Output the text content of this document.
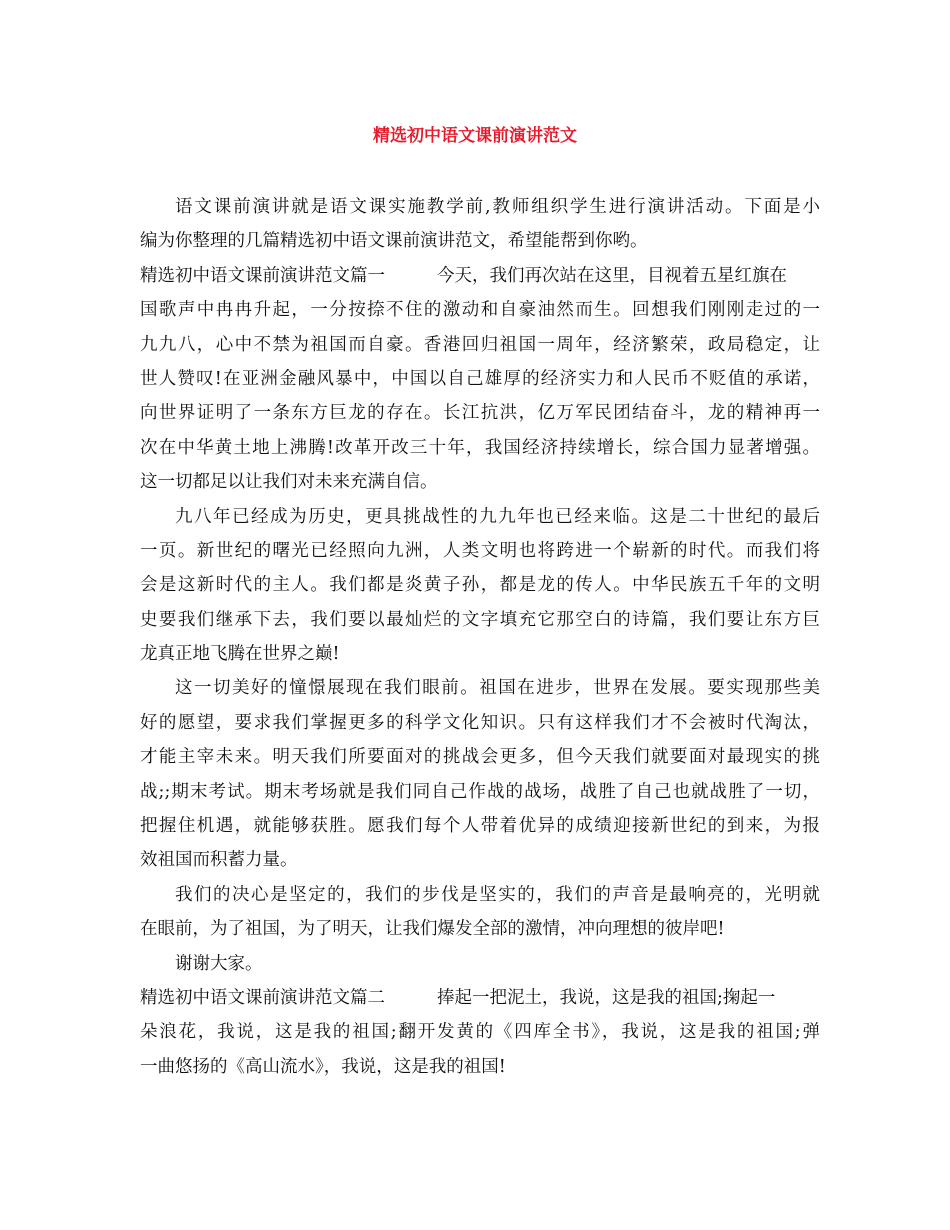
精选初中语文课前演讲范文
语文课前演讲就是语文课实施教学前,教师组织学生进行演讲活动。下面是小
编为你整理的几篇精选初中语文课前演讲范文，希望能帮到你哟。
精选初中语文课前演讲范文篇一	今天，我们再次站在这里，目视着五星红旗在
国歌声中冉冉升起，一分按捺不住的激动和自豪油然而生。回想我们刚刚走过的一
九九八，心中不禁为祖国而自豪。香港回归祖国一周年，经济繁荣，政局稳定，让
世人赞叹!在亚洲金融风暴中，中国以自己雄厚的经济实力和人民币不贬值的承诺，
向世界证明了一条东方巨龙的存在。长江抗洪，亿万军民团结奋斗，龙的精神再一
次在中华黄土地上沸腾!改革开改三十年，我国经济持续增长，综合国力显著增强。
这一切都足以让我们对未来充满自信。
九八年已经成为历史，更具挑战性的九九年也已经来临。这是二十世纪的最后
一页。新世纪的曙光已经照向九洲，人类文明也将跨进一个崭新的时代。而我们将
会是这新时代的主人。我们都是炎黄子孙，都是龙的传人。中华民族五千年的文明
史要我们继承下去，我们要以最灿烂的文字填充它那空白的诗篇，我们要让东方巨
龙真正地飞腾在世界之巅!
这一切美好的憧憬展现在我们眼前。祖国在进步，世界在发展。要实现那些美
好的愿望，要求我们掌握更多的科学文化知识。只有这样我们才不会被时代淘汰，
才能主宰未来。明天我们所要面对的挑战会更多，但今天我们就要面对最现实的挑
战;;期末考试。期末考场就是我们同自己作战的战场，战胜了自己也就战胜了一切，
把握住机遇，就能够获胜。愿我们每个人带着优异的成绩迎接新世纪的到来，为报
效祖国而积蓄力量。
我们的决心是坚定的，我们的步伐是坚实的，我们的声音是最响亮的，光明就
在眼前，为了祖国，为了明天，让我们爆发全部的激情，冲向理想的彼岸吧!
谢谢大家。
精选初中语文课前演讲范文篇二	捧起一把泥土，我说，这是我的祖国;掬起一
朵浪花，我说，这是我的祖国;翻开发黄的《四库全书》，我说，这是我的祖国;弹
一曲悠扬的《高山流水》，我说，这是我的祖国!
